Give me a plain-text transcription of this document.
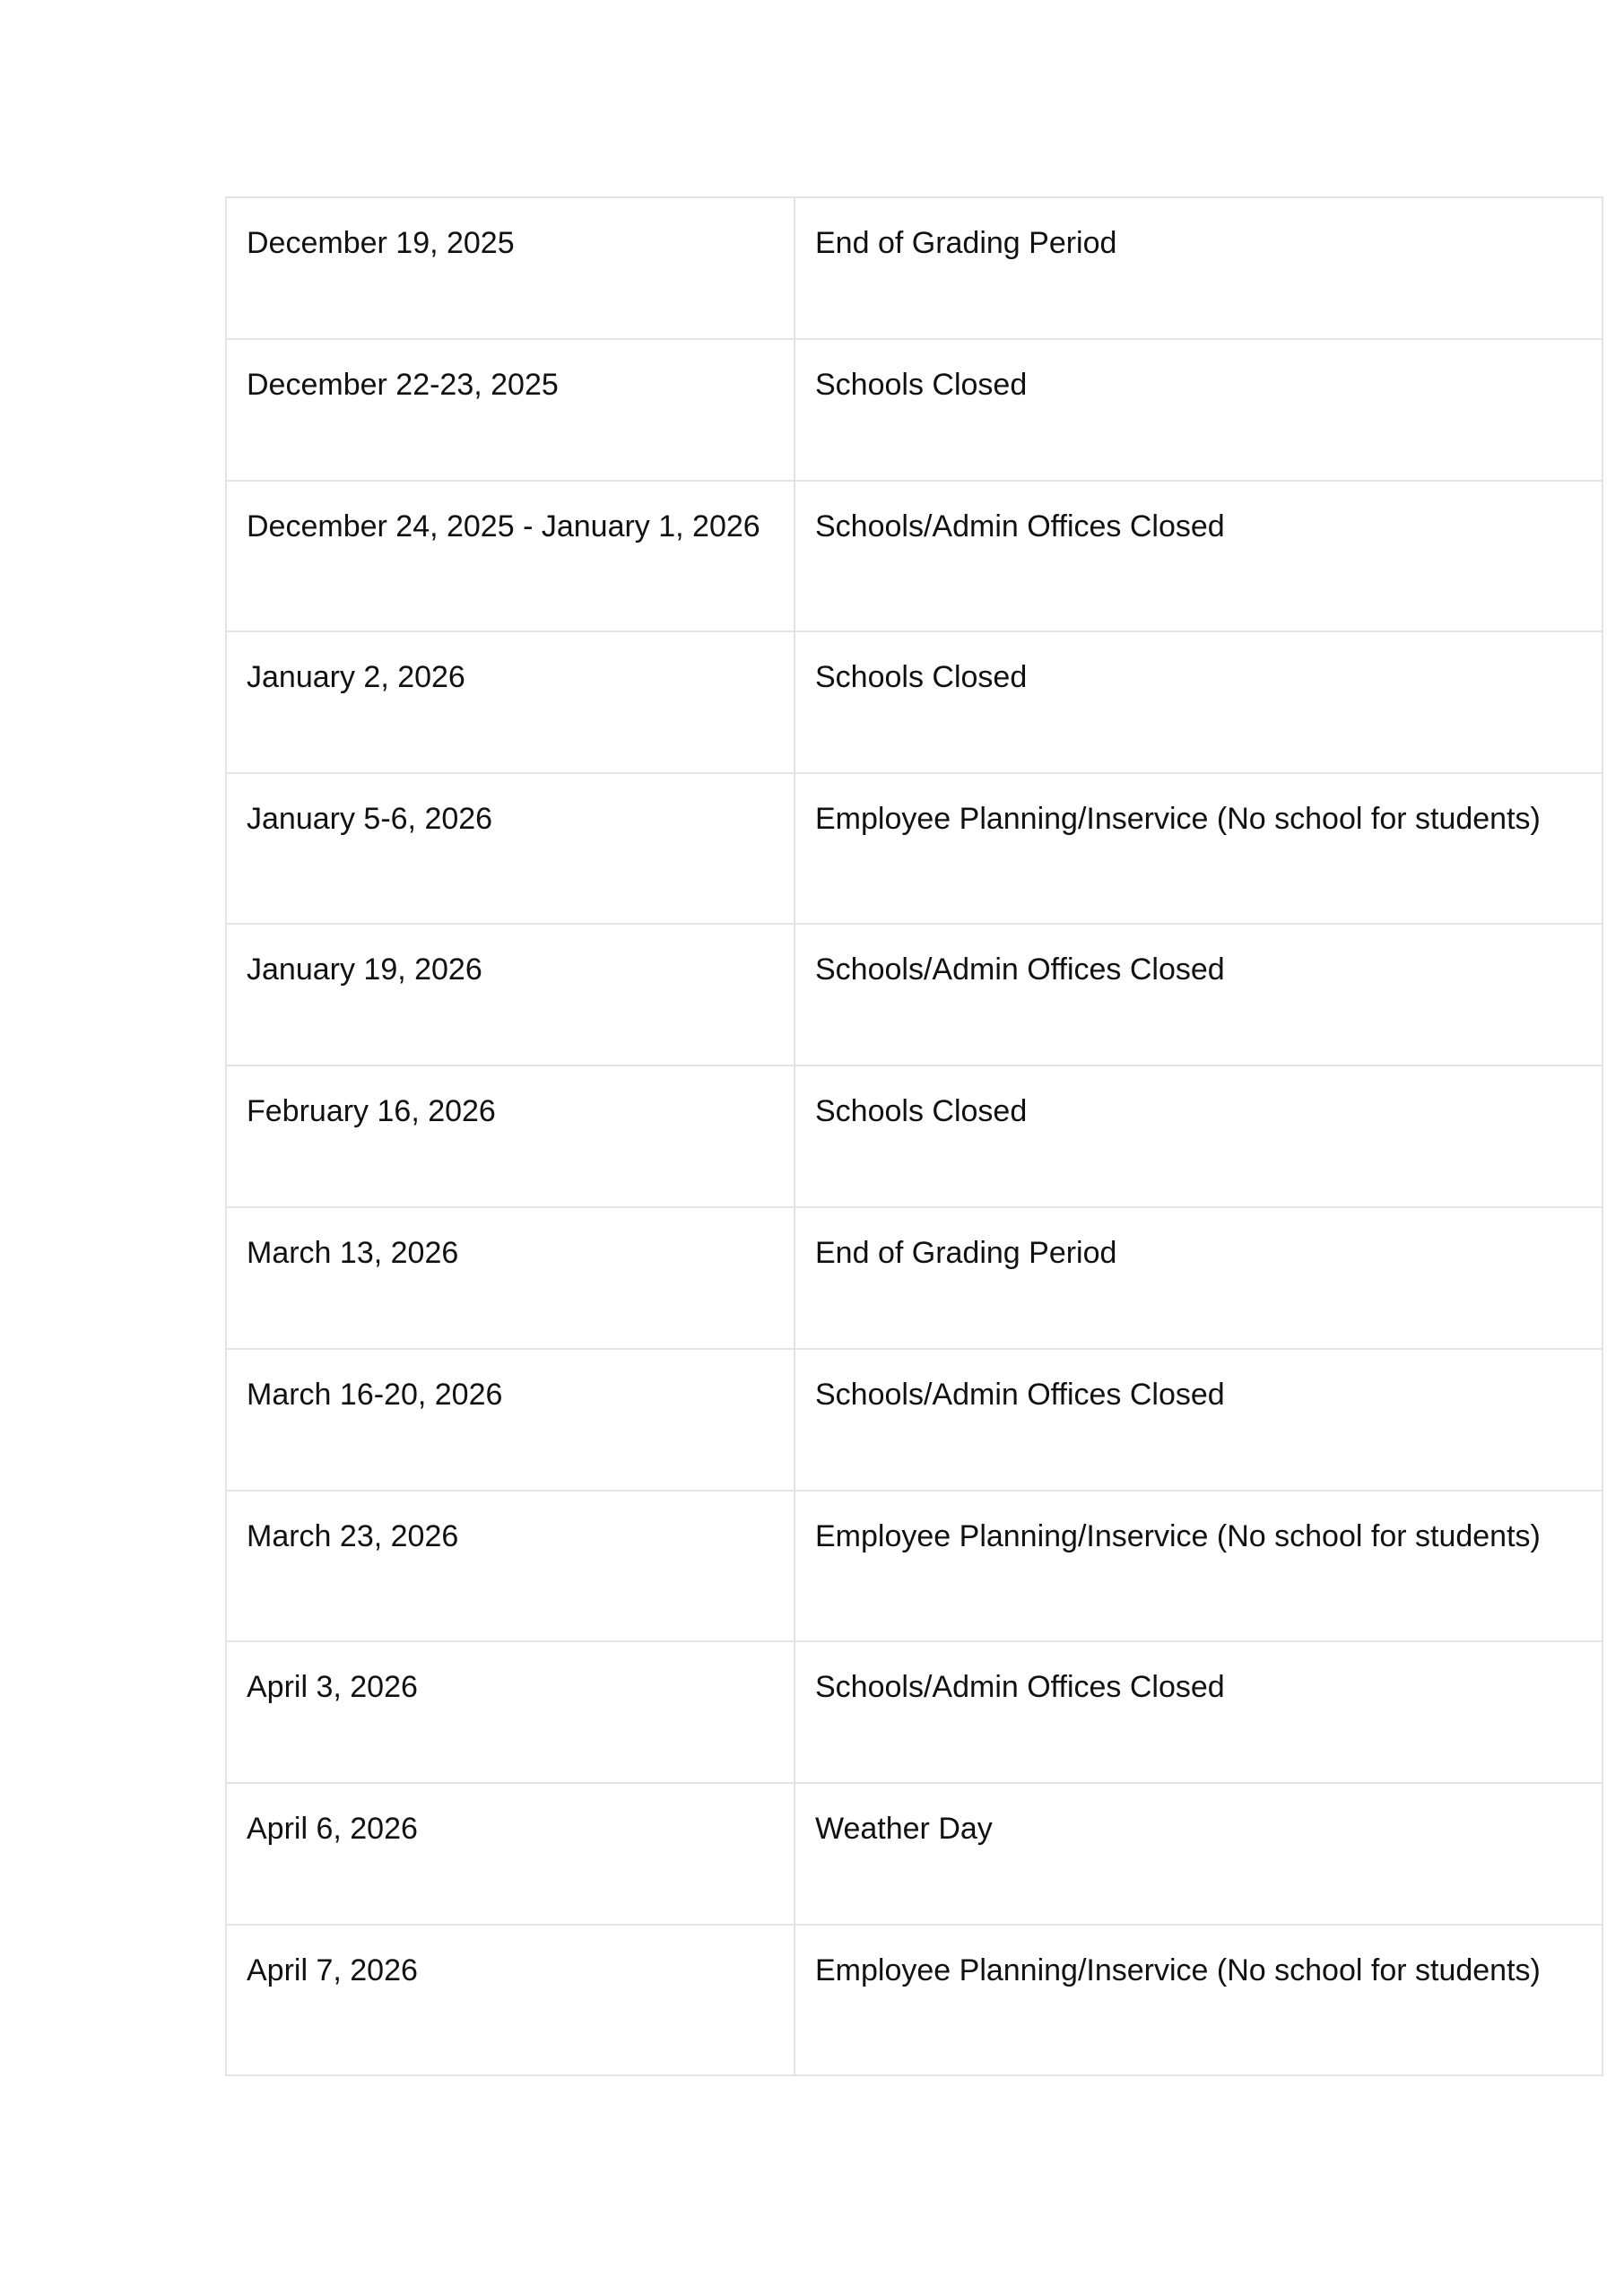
December 19, 2025	End of Grading Period
December 22-23, 2025	Schools Closed
December 24, 2025 - January 1, 2026	Schools/Admin Offices Closed
January 2, 2026	Schools Closed
January 5-6, 2026	Employee Planning/Inservice (No school for students)
January 19, 2026	Schools/Admin Offices Closed
February 16, 2026	Schools Closed
March 13, 2026	End of Grading Period
March 16-20, 2026	Schools/Admin Offices Closed
March 23, 2026	Employee Planning/Inservice (No school for students)
April 3, 2026	Schools/Admin Offices Closed
April 6, 2026	Weather Day
April 7, 2026	Employee Planning/Inservice (No school for students)
